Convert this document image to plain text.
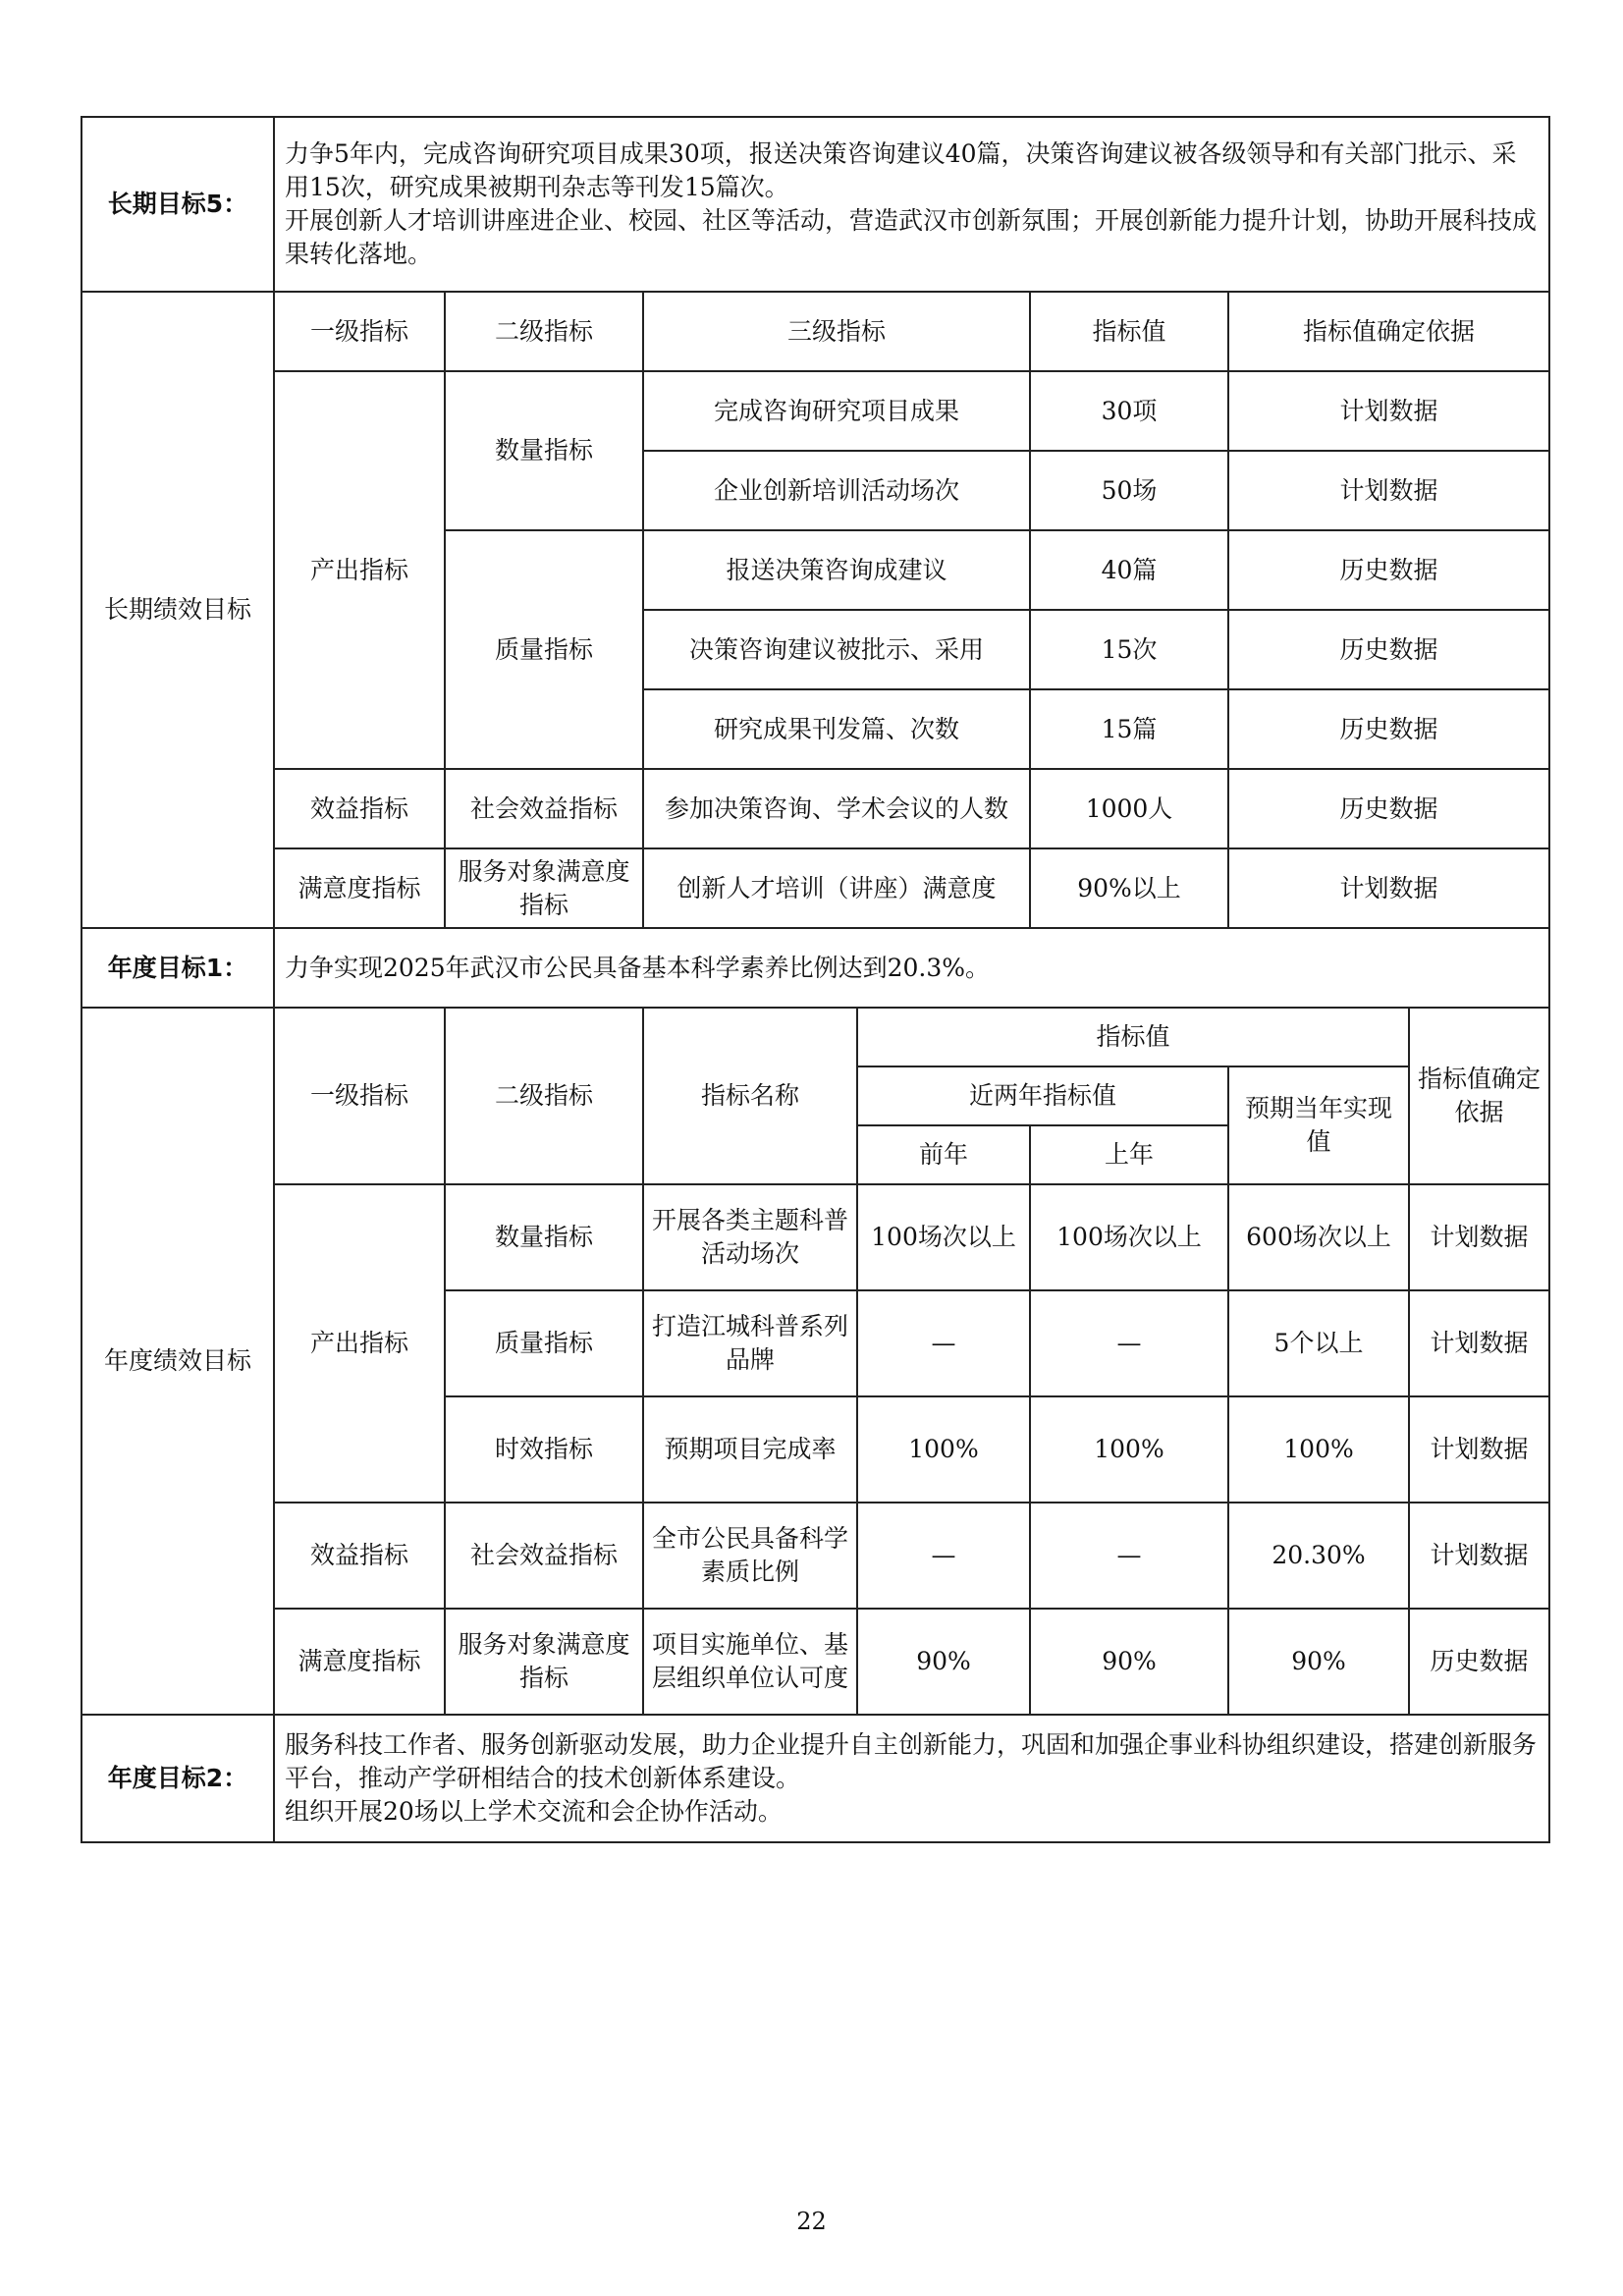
长期目标5：	力争5年内，完成咨询研究项目成果30项，报送决策咨询建议40篇，决策咨询建议被各级领导和有关部门批示、采用15次，研究成果被期刊杂志等刊发15篇次。
开展创新人才培训讲座进企业、校园、社区等活动，营造武汉市创新氛围；开展创新能力提升计划，协助开展科技成果转化落地。				
长期绩效目标	一级指标	二级指标	三级指标	指标值	指标值确定依据
	产出指标	数量指标	完成咨询研究项目成果	30项	计划数据
			企业创新培训活动场次	50场	计划数据
		质量指标	报送决策咨询成建议	40篇	历史数据
			决策咨询建议被批示、采用	15次	历史数据
			研究成果刊发篇、次数	15篇	历史数据
	效益指标	社会效益指标	参加决策咨询、学术会议的人数	1000人	历史数据
	满意度指标	服务对象满意度指标	创新人才培训（讲座）满意度	90%以上	计划数据
年度目标1：	力争实现2025年武汉市公民具备基本科学素养比例达到20.3%。				
年度绩效目标	一级指标	二级指标	指标名称	指标值			指标值确定依据
				近两年指标值		预期当年实现值	
				前年	上年		
	产出指标	数量指标	开展各类主题科普活动场次	100场次以上	100场次以上	600场次以上	计划数据
		质量指标	打造江城科普系列品牌	—	—	5个以上	计划数据
		时效指标	预期项目完成率	100%	100%	100%	计划数据
	效益指标	社会效益指标	全市公民具备科学素质比例	—	—	20.30%	计划数据
	满意度指标	服务对象满意度指标	项目实施单位、基层组织单位认可度	90%	90%	90%	历史数据
年度目标2：	服务科技工作者、服务创新驱动发展，助力企业提升自主创新能力，巩固和加强企事业科协组织建设，搭建创新服务平台，推动产学研相结合的技术创新体系建设。
组织开展20场以上学术交流和会企协作活动。						
22
